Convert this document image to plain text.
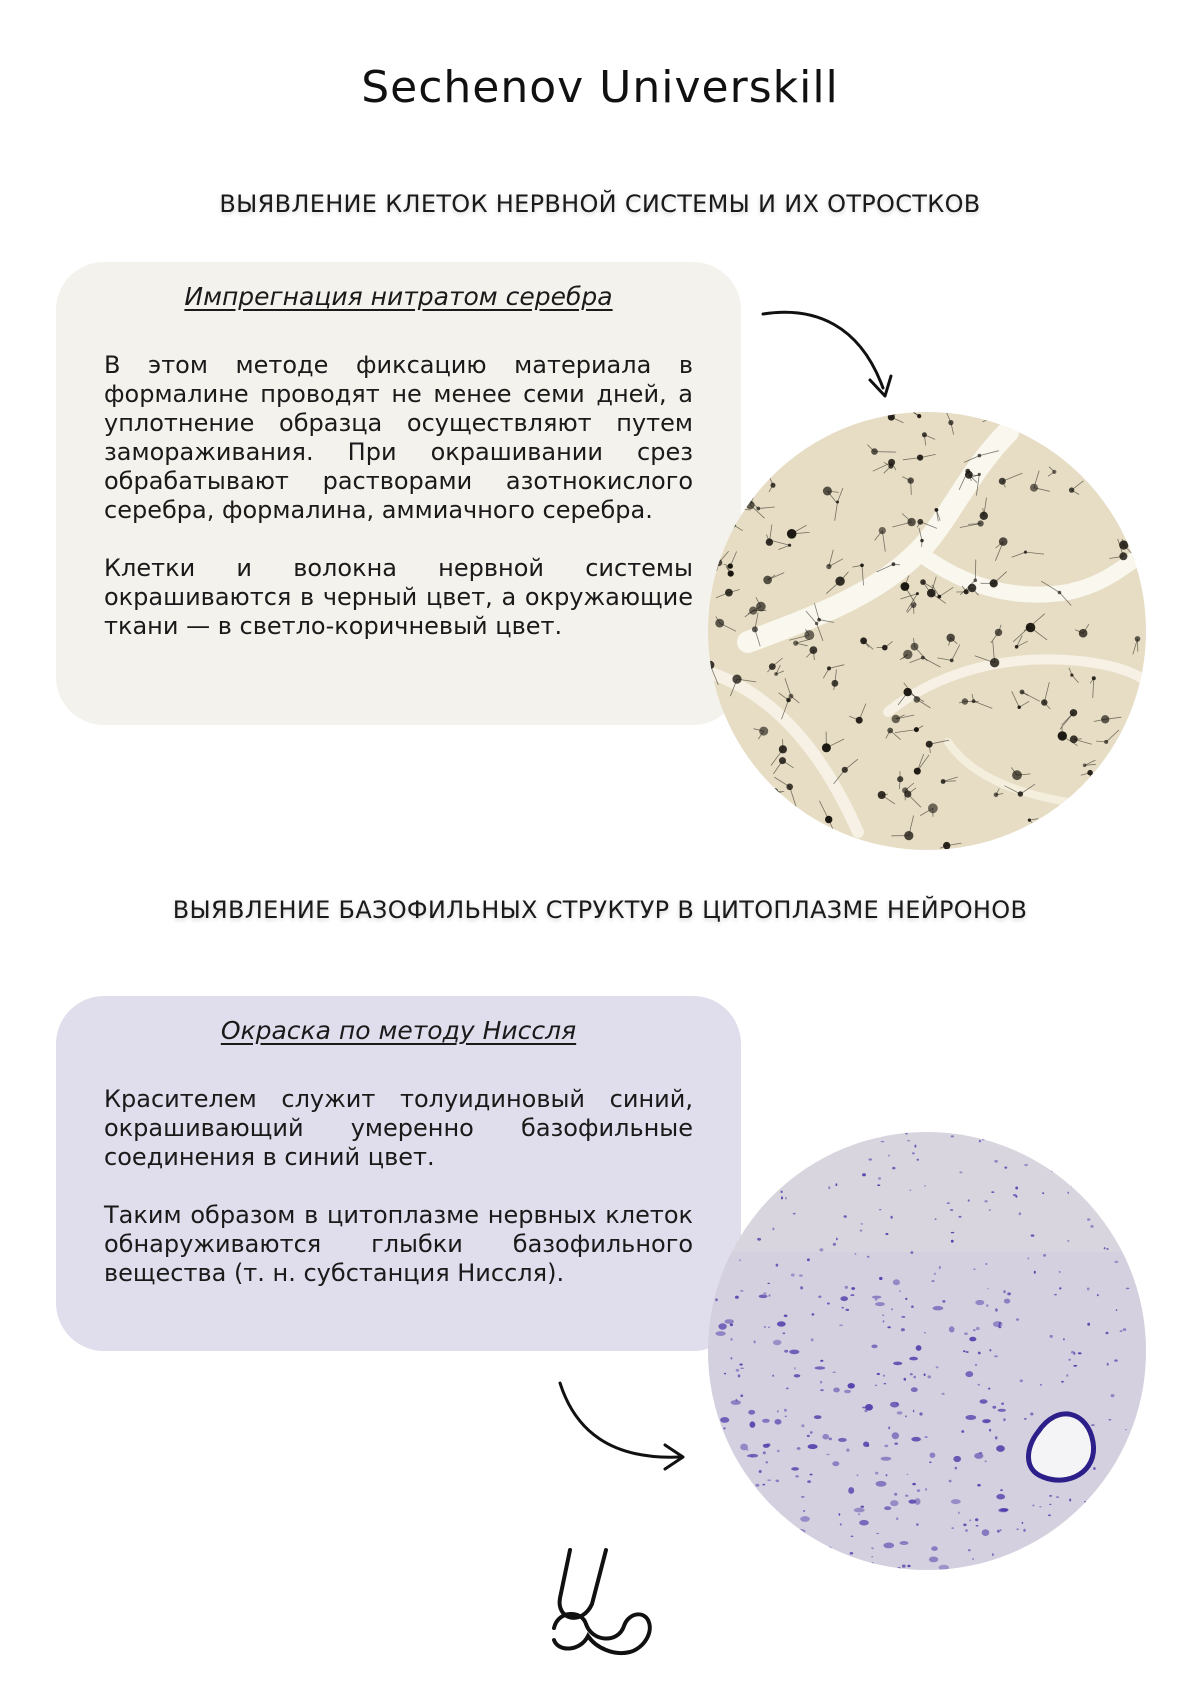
Sechenov Universkill
ВЫЯВЛЕНИЕ КЛЕТОК НЕРВНОЙ СИСТЕМЫ И ИХ ОТРОСТКОВ
Импрегнация нитратом серебра

В этом методе фиксацию материала в формалине проводят не менее семи дней, а уплотнение образца осуществляют путем замораживания. При окрашивании срез обрабатывают растворами азотнокислого серебра, формалина, аммиачного серебра.

Клетки и волокна нервной системы окрашиваются в черный цвет, а окружающие ткани — в светло-коричневый цвет.

ВЫЯВЛЕНИЕ БАЗОФИЛЬНЫХ СТРУКТУР В ЦИТОПЛАЗМЕ НЕЙРОНОВ
Окраска по методу Ниссля

Красителем служит толуидиновый синий, окрашивающий умеренно базофильные соединения в синий цвет.

Таким образом в цитоплазме нервных клеток обнаруживаются глыбки базофильного вещества (т. н. субстанция Ниссля).
